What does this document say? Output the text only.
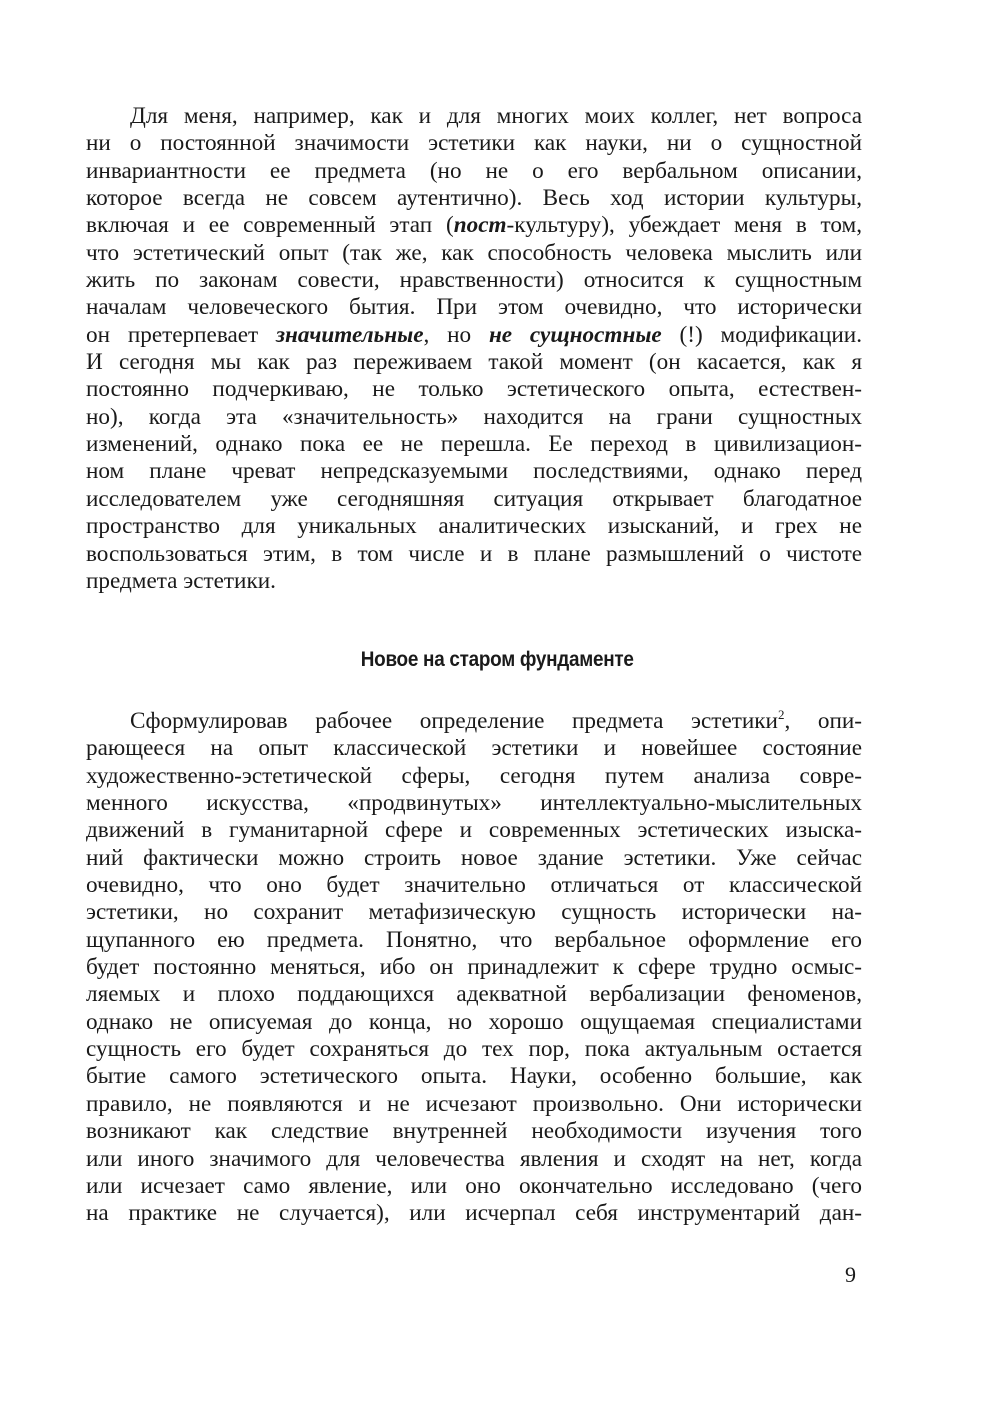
Для меня, например, как и для многих моих коллег, нет вопроса
ни о постоянной значимости эстетики как науки, ни о сущностной
инвариантности ее предмета (но не о его вербальном описании,
которое всегда не совсем аутентично). Весь ход истории культуры,
включая и ее современный этап (пост-культуру), убеждает меня в том,
что эстетический опыт (так же, как способность человека мыслить или
жить по законам совести, нравственности) относится к сущностным
началам человеческого бытия. При этом очевидно, что исторически
он претерпевает значительные, но не сущностные (!) модификации.
И сегодня мы как раз переживаем такой момент (он касается, как я
постоянно подчеркиваю, не только эстетического опыта, естествен-
но), когда эта «значительность» находится на грани сущностных
изменений, однако пока ее не перешла. Ее переход в цивилизацион-
ном плане чреват непредсказуемыми последствиями, однако перед
исследователем уже сегодняшняя ситуация открывает благодатное
пространство для уникальных аналитических изысканий, и грех не
воспользоваться этим, в том числе и в плане размышлений о чистоте
предмета эстетики.

Новое на старом фундаменте

Сформулировав рабочее определение предмета эстетики$^2$, опи-
рающееся на опыт классической эстетики и новейшее состояние
художественно-эстетической сферы, сегодня путем анализа совре-
менного искусства, «продвинутых» интеллектуально-мыслительных
движений в гуманитарной сфере и современных эстетических изыска-
ний фактически можно строить новое здание эстетики. Уже сейчас
очевидно, что оно будет значительно отличаться от классической
эстетики, но сохранит метафизическую сущность исторически на-
щупанного ею предмета. Понятно, что вербальное оформление его
будет постоянно меняться, ибо он принадлежит к сфере трудно осмыс-
ляемых и плохо поддающихся адекватной вербализации феноменов,
однако не описуемая до конца, но хорошо ощущаемая специалистами
сущность его будет сохраняться до тех пор, пока актуальным остается
бытие самого эстетического опыта. Науки, особенно большие, как
правило, не появляются и не исчезают произвольно. Они исторически
возникают как следствие внутренней необходимости изучения того
или иного значимого для человечества явления и сходят на нет, когда
или исчезает само явление, или оно окончательно исследовано (чего
на практике не случается), или исчерпал себя инструментарий дан-

9
